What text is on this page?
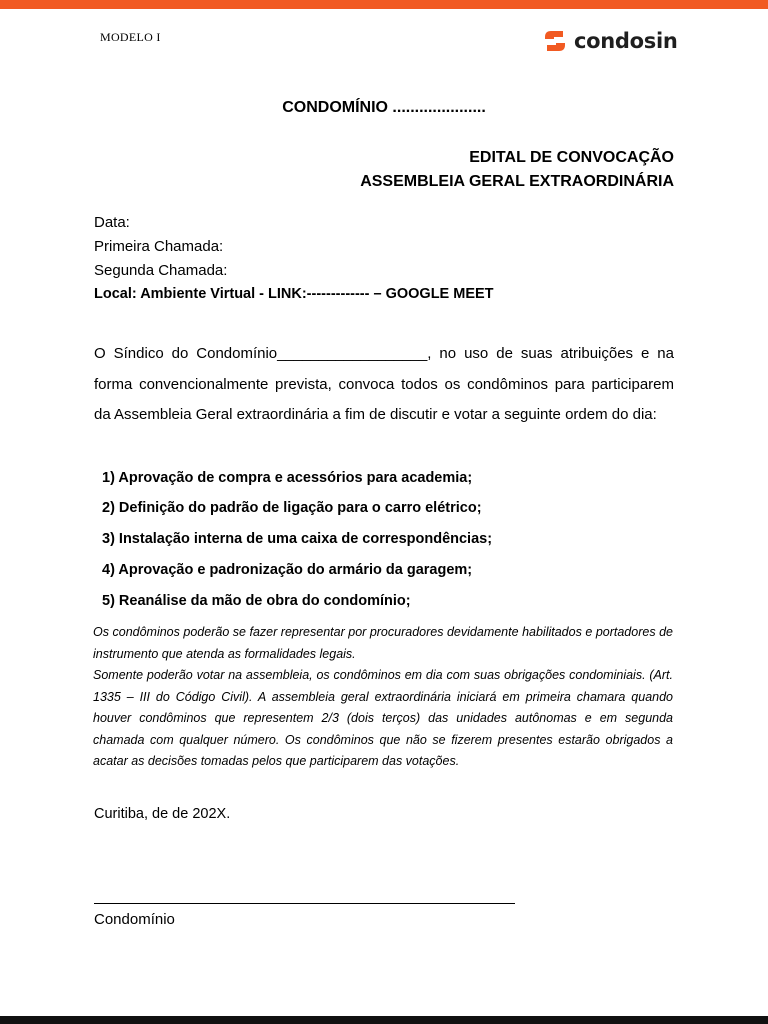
MODELO I	condosin
CONDOMÍNIO .....................
EDITAL DE CONVOCAÇÃO
ASSEMBLEIA GERAL EXTRAORDINÁRIA
Data:
Primeira Chamada:
Segunda Chamada:
Local: Ambiente Virtual - LINK:------------- – GOOGLE MEET
O Síndico do Condomínio__________________, no uso de suas atribuições e na forma convencionalmente prevista, convoca todos os condôminos para participarem da Assembleia Geral extraordinária a fim de discutir e votar a seguinte ordem do dia:
1) Aprovação de compra e acessórios para academia;
2) Definição do padrão de ligação para o carro elétrico;
3) Instalação interna de uma caixa de correspondências;
4) Aprovação e padronização do armário da garagem;
5) Reanálise da mão de obra do condomínio;

Os condôminos poderão se fazer representar por procuradores devidamente habilitados e portadores de instrumento que atenda as formalidades legais.

Somente poderão votar na assembleia, os condôminos em dia com suas obrigações condominiais. (Art. 1335 – III do Código Civil). A assembleia geral extraordinária iniciará em primeira chamara quando houver condôminos que representem 2/3 (dois terços) das unidades autônomas e em segunda chamada com qualquer número. Os condôminos que não se fizerem presentes estarão obrigados a acatar as decisões tomadas pelos que participarem das votações.

Curitiba, de de 202X.
Condomínio
